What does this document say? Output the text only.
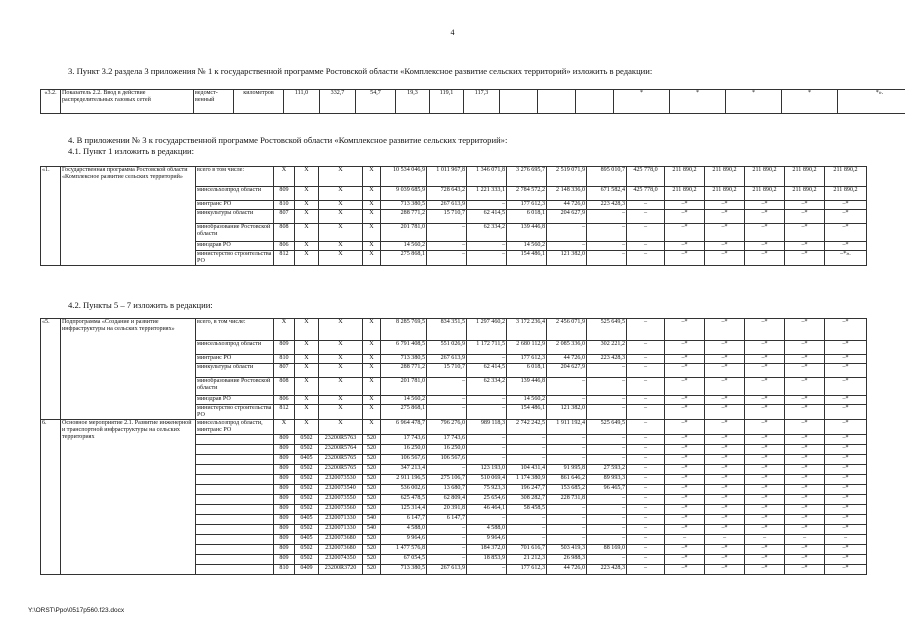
4
3. Пункт 3.2 раздела 3 приложения № 1 к государственной программе Ростовской области «Комплексное развитие сельских территорий» изложить в редакции:
«3.2.	Показатель 2.2. Ввод в действие распределительных газовых сетей	ведомст-венный	километров	111,0	332,7	54,7	19,3	119,1	117,3				*	*	*	*	*».
4. В приложении № 3 к государственной программе Ростовской области «Комплексное развитие сельских территорий»:
4.1. Пункт 1 изложить в редакции:
«1.	Государственная программа Ростовской области «Комплексное развитие сельских территорий»	всего в том числе:	X	X	X	X	10 534 046,9	1 011 967,8	1 346 071,8	3 276 695,7	2 519 071,9	895 010,7	425 778,0	211 890,2	211 890,2	211 890,2	211 890,2	211 890,2
		минсельхозпрод области	809	X	X	X	9 039 685,9	728 643,2	1 221 333,1	2 784 572,2	2 148 336,0	671 582,4	425 778,0	211 890,2	211 890,2	211 890,2	211 890,2	211 890,2
		минтранс РО	810	X	X	X	713 380,5	267 613,9	–	177 612,3	44 726,0	223 428,3	–	–*	–*	–*	–*	–*
		минкультуры области	807	X	X	X	288 771,2	15 710,7	62 414,5	6 018,1	204 627,9	–	–	–*	–*	–*	–*	–*
		минобразование Ростовской области	808	X	X	X	201 781,0	–	62 334,2	139 446,8	–	–	–	–*	–*	–*	–*	–*
		минздрав РО	806	X	X	X	14 560,2	–	–	14 560,2	–	–	–	–*	–*	–*	–*	–*
		министерство строительства РО	812	X	X	X	275 868,1	–	–	154 486,1	121 382,0	–	–	–*	–*	–*	–*	–*».
4.2. Пункты 5 – 7 изложить в редакции:
«5.	Подпрограмма «Создание и развитие инфраструктуры на сельских территориях»	всего, в том числе:	X	X	X	X	8 285 769,5	834 351,5	1 297 460,2	3 172 236,4	2 456 071,9	525 649,5	–	–*	–*	–*	–*	–*
		минсельхозпрод области	809	X	X	X	6 791 408,5	551 026,9	1 172 711,5	2 680 112,9	2 085 336,0	302 221,2	–	–*	–*	–*	–*	–*
		минтранс РО	810	X	X	X	713 380,5	267 613,9	–	177 612,3	44 726,0	223 428,3	–	–*	–*	–*	–*	–*
		минкультуры области	807	X	X	X	288 771,2	15 710,7	62 414,5	6 018,1	204 627,9	–	–	–*	–*	–*	–*	–*
		минобразование Ростовской области	808	X	X	X	201 781,0	–	62 334,2	139 446,8	–	–	–	–*	–*	–*	–*	–*
		минздрав РО	806	X	X	X	14 560,2	–	–	14 560,2	–	–	–	–*	–*	–*	–*	–*
		министерство строительства РО	812	X	X	X	275 868,1	–	–	154 486,1	121 382,0	–	–	–*	–*	–*	–*	–*
6.	Основное мероприятие 2.1. Развитие инженерной и транспортной инфраструктуры на сельских территориях	минсельхозпрод области, минтранс РО	X	X	X	X	6 964 478,7	796 276,0	989 118,3	2 742 242,5	1 911 192,4	525 649,5	–	–*	–*	–*	–*	–*
			809	0502	23200R5763	520	17 743,6	17 743,6	–	–	–	–	–	–*	–*	–*	–*	–*
			809	0502	23200R5764	520	16 250,0	16 250,0	–	–	–	–	–	–*	–*	–*	–*	–*
			809	0405	23200R5765	520	106 567,6	106 567,6	–	–	–	–	–	–*	–*	–*	–*	–*
			809	0502	23200R5765	520	347 213,4	–	123 193,0	104 431,4	91 995,8	27 593,2	–	–*	–*	–*	–*	–*
			809	0502	2320073530	520	2 911 196,5	275 106,7	510 069,4	1 174 380,9	861 646,2	89 993,3	–	–*	–*	–*	–*	–*
			809	0502	2320073540	520	536 002,6	13 680,7	75 923,3	196 247,7	153 685,2	96 465,7	–	–*	–*	–*	–*	–*
			809	0502	2320073550	520	625 478,5	62 809,4	25 654,6	308 282,7	228 731,8	–	–	–*	–*	–*	–*	–*
			809	0502	2320073560	520	125 314,4	20 391,8	46 464,1	58 458,5	–	–	–	–*	–*	–*	–*	–*
			809	0405	2320071330	540	6 147,7	6 147,7	–	–	–	–	–	–*	–*	–*	–*	–*
			809	0502	2320071330	540	4 588,0	–	4 588,0	–	–	–	–	–*	–*	–*	–*	–*
			809	0405	2320073680	520	9 964,6	–	9 964,6	–	–	–	–	–	–	–	–	–
			809	0502	2320073680	520	1 477 576,8	–	184 372,0	701 616,7	503 419,3	88 169,0	–	–*	–*	–*	–*	–*
			809	0502	2320074350	520	67 054,5	–	18 853,9	21 212,3	26 988,3	–	–	–*	–*	–*	–*	–*
			810	0409	23200R3720	520	713 380,5	267 613,9	–	177 612,3	44 726,0	223 428,3	–	–*	–*	–*	–*	–*
Y:\ORST\Ppo\0517p560.f23.docx
